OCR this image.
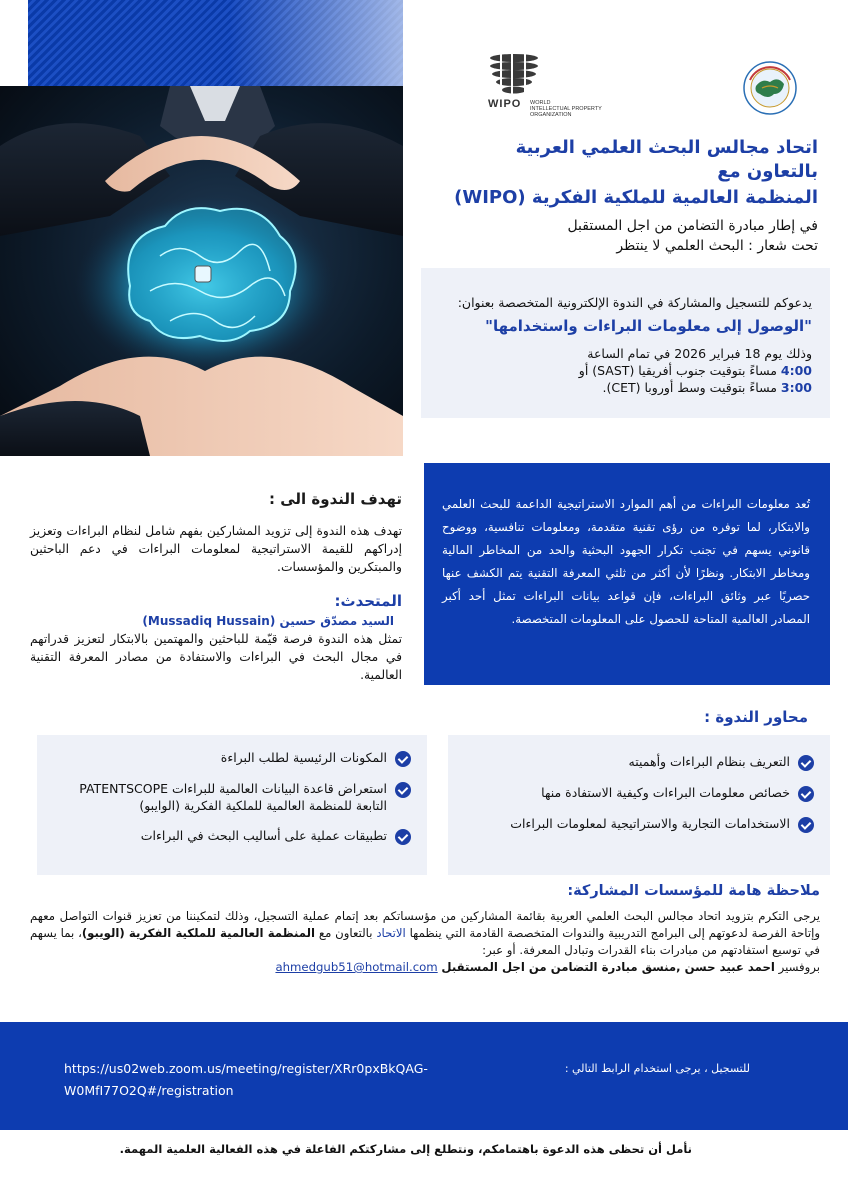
WIPO WORLD
INTELLECTUAL PROPERTY
ORGANIZATION
اتحاد مجالس البحث العلمي العربية
بالتعاون مع
المنظمة العالمية للملكية الفكرية (WIPO)
في إطار مبادرة التضامن من اجل المستقبل
تحت شعار : البحث العلمي لا ينتظر
يدعوكم للتسجيل والمشاركة في الندوة الإلكترونية المتخصصة بعنوان:
"الوصول إلى معلومات البراءات واستخدامها"
وذلك يوم 18 فبراير 2026 في تمام الساعة
4:00 مساءً بتوقيت جنوب أفريقيا (SAST) أو
3:00 مساءً بتوقيت وسط أوروبا (CET).
تُعد معلومات البراءات من أهم الموارد الاستراتيجية الداعمة للبحث العلمي والابتكار، لما توفره من رؤى تقنية متقدمة، ومعلومات تنافسية، ووضوح قانوني يسهم في تجنب تكرار الجهود البحثية والحد من المخاطر المالية ومخاطر الابتكار. ونظرًا لأن أكثر من ثلثي المعرفة التقنية يتم الكشف عنها حصريًا عبر وثائق البراءات، فإن قواعد بيانات البراءات تمثل أحد أكبر المصادر العالمية المتاحة للحصول على المعلومات المتخصصة.
تهدف الندوة الى :
تهدف هذه الندوة إلى تزويد المشاركين بفهم شامل لنظام البراءات وتعزيز إدراكهم للقيمة الاستراتيجية لمعلومات البراءات في دعم الباحثين والمبتكرين والمؤسسات.
المتحدث:
السيد مصدّق حسين (Mussadiq Hussain)
تمثل هذه الندوة فرصة قيّمة للباحثين والمهتمين بالابتكار لتعزيز قدراتهم في مجال البحث في البراءات والاستفادة من مصادر المعرفة التقنية العالمية.
محاور الندوة :
التعريف بنظام البراءات وأهميته
خصائص معلومات البراءات وكيفية الاستفادة منها
الاستخدامات التجارية والاستراتيجية لمعلومات البراءات
المكونات الرئيسية لطلب البراءة
استعراض قاعدة البيانات العالمية للبراءات PATENTSCOPE التابعة للمنظمة العالمية للملكية الفكرية (الوايبو)
تطبيقات عملية على أساليب البحث في البراءات
ملاحظة هامة للمؤسسات المشاركة:
يرجى التكرم بتزويد اتحاد مجالس البحث العلمي العربية بقائمة المشاركين من مؤسساتكم بعد إتمام عملية التسجيل، وذلك لتمكيننا من تعزيز قنوات التواصل معهم وإتاحة الفرصة لدعوتهم إلى البرامج التدريبية والندوات المتخصصة القادمة التي ينظمها الاتحاد بالتعاون مع المنظمة العالمية للملكية الفكرية (الويبو)، بما يسهم في توسيع استفادتهم من مبادرات بناء القدرات وتبادل المعرفة. أو عبر:
بروفسير احمد عبيد حسن ,منسق مبادرة التضامن من اجل المستقبل ahmedgub51@hotmail.com
للتسجيل ، يرجى استخدام الرابط التالي :
https://us02web.zoom.us/meeting/register/XRr0pxBkQAG-W0MfI77O2Q#/registration
نأمل أن تحظى هذه الدعوة باهتمامكم، ونتطلع إلى مشاركتكم الفاعلة في هذه الفعالية العلمية المهمة.
